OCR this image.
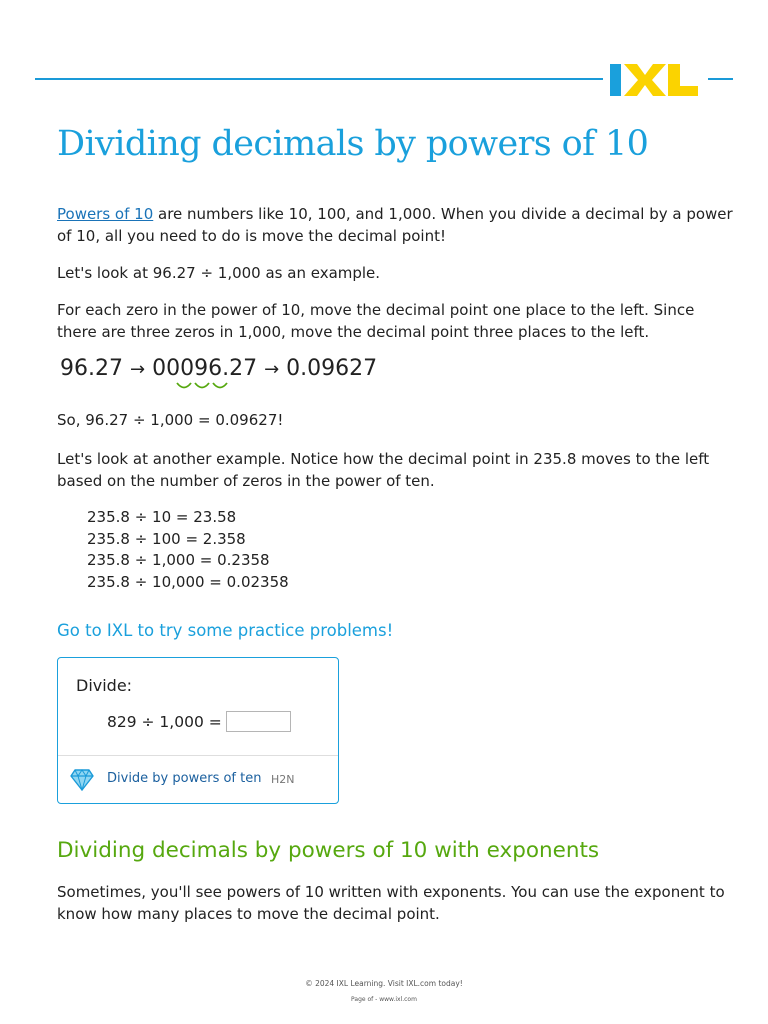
Dividing decimals by powers of 10

Powers of 10 are numbers like 10, 100, and 1,000. When you divide a decimal by a power of 10, all you need to do is move the decimal point!

Let's look at 96.27 ÷ 1,000 as an example.

For each zero in the power of 10, move the decimal point one place to the left. Since there are three zeros in 1,000, move the decimal point three places to the left.

96.27 → 00096.27 → 0.09627

So, 96.27 ÷ 1,000 = 0.09627!

Let's look at another example. Notice how the decimal point in 235.8 moves to the left based on the number of zeros in the power of ten.

235.8 ÷ 10 = 23.58
235.8 ÷ 100 = 2.358
235.8 ÷ 1,000 = 0.2358
235.8 ÷ 10,000 = 0.02358
Go to IXL to try some practice problems!
Divide:
829 ÷ 1,000 =
Divide by powers of ten H2N
Dividing decimals by powers of 10 with exponents

Sometimes, you'll see powers of 10 written with exponents. You can use the exponent to know how many places to move the decimal point.

© 2024 IXL Learning. Visit IXL.com today!
Page of - www.ixl.com
